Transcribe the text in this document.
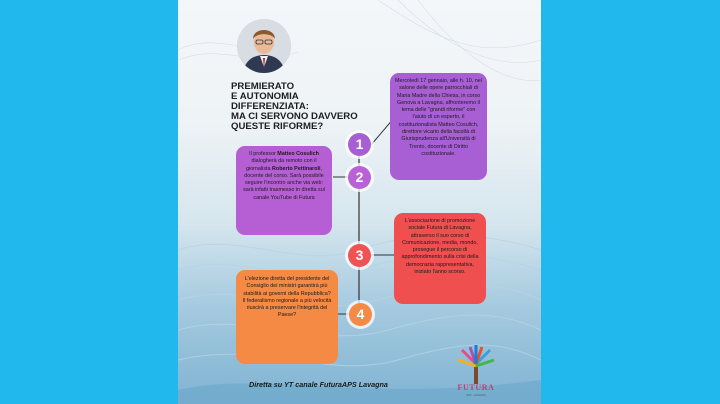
PREMIERATO
E AUTONOMIA
DIFFERENZIATA:
MA CI SERVONO DAVVERO
QUESTE RIFORME?
Mercoledì 17 gennaio, alle h. 10, nel salone delle opere parrocchiali di Maria Madre della Chiesa, in corso Genova a Lavagna, affronteremo il tema delle "grandi riforme" con l'aiuto di un esperto, il costituzionalista Matteo Cosulich, direttore vicario della facoltà di Giurisprudenza all'Università di Trento, docente di Diritto costituzionale.
1
Il professor Matteo Cosulich dialogherà da remoto con il giornalista Roberto Pettinaroli, docente del corso. Sarà possibile seguire l'incontro anche via web: sarà infatti trasmesso in diretta sul canale YouTube di Futura
2
L'associazione di promozione sociale Futura di Lavagna, attraverso il suo corso di Comunicazione, media, mondo, prosegue il percorso di approfondimento sulla crisi della democrazia rappresentativa, iniziato l'anno scorso.
3
L'elezione diretta del presidente del Consiglio dei ministri garantirà più stabilità ai governi della Repubblica?
Il federalismo regionale a più velocità riuscirà a preservare l'integrità del Paese?	4
Diretta su YT canale FuturaAPS Lavagna	FUTURA
APS · LAVAGNA
